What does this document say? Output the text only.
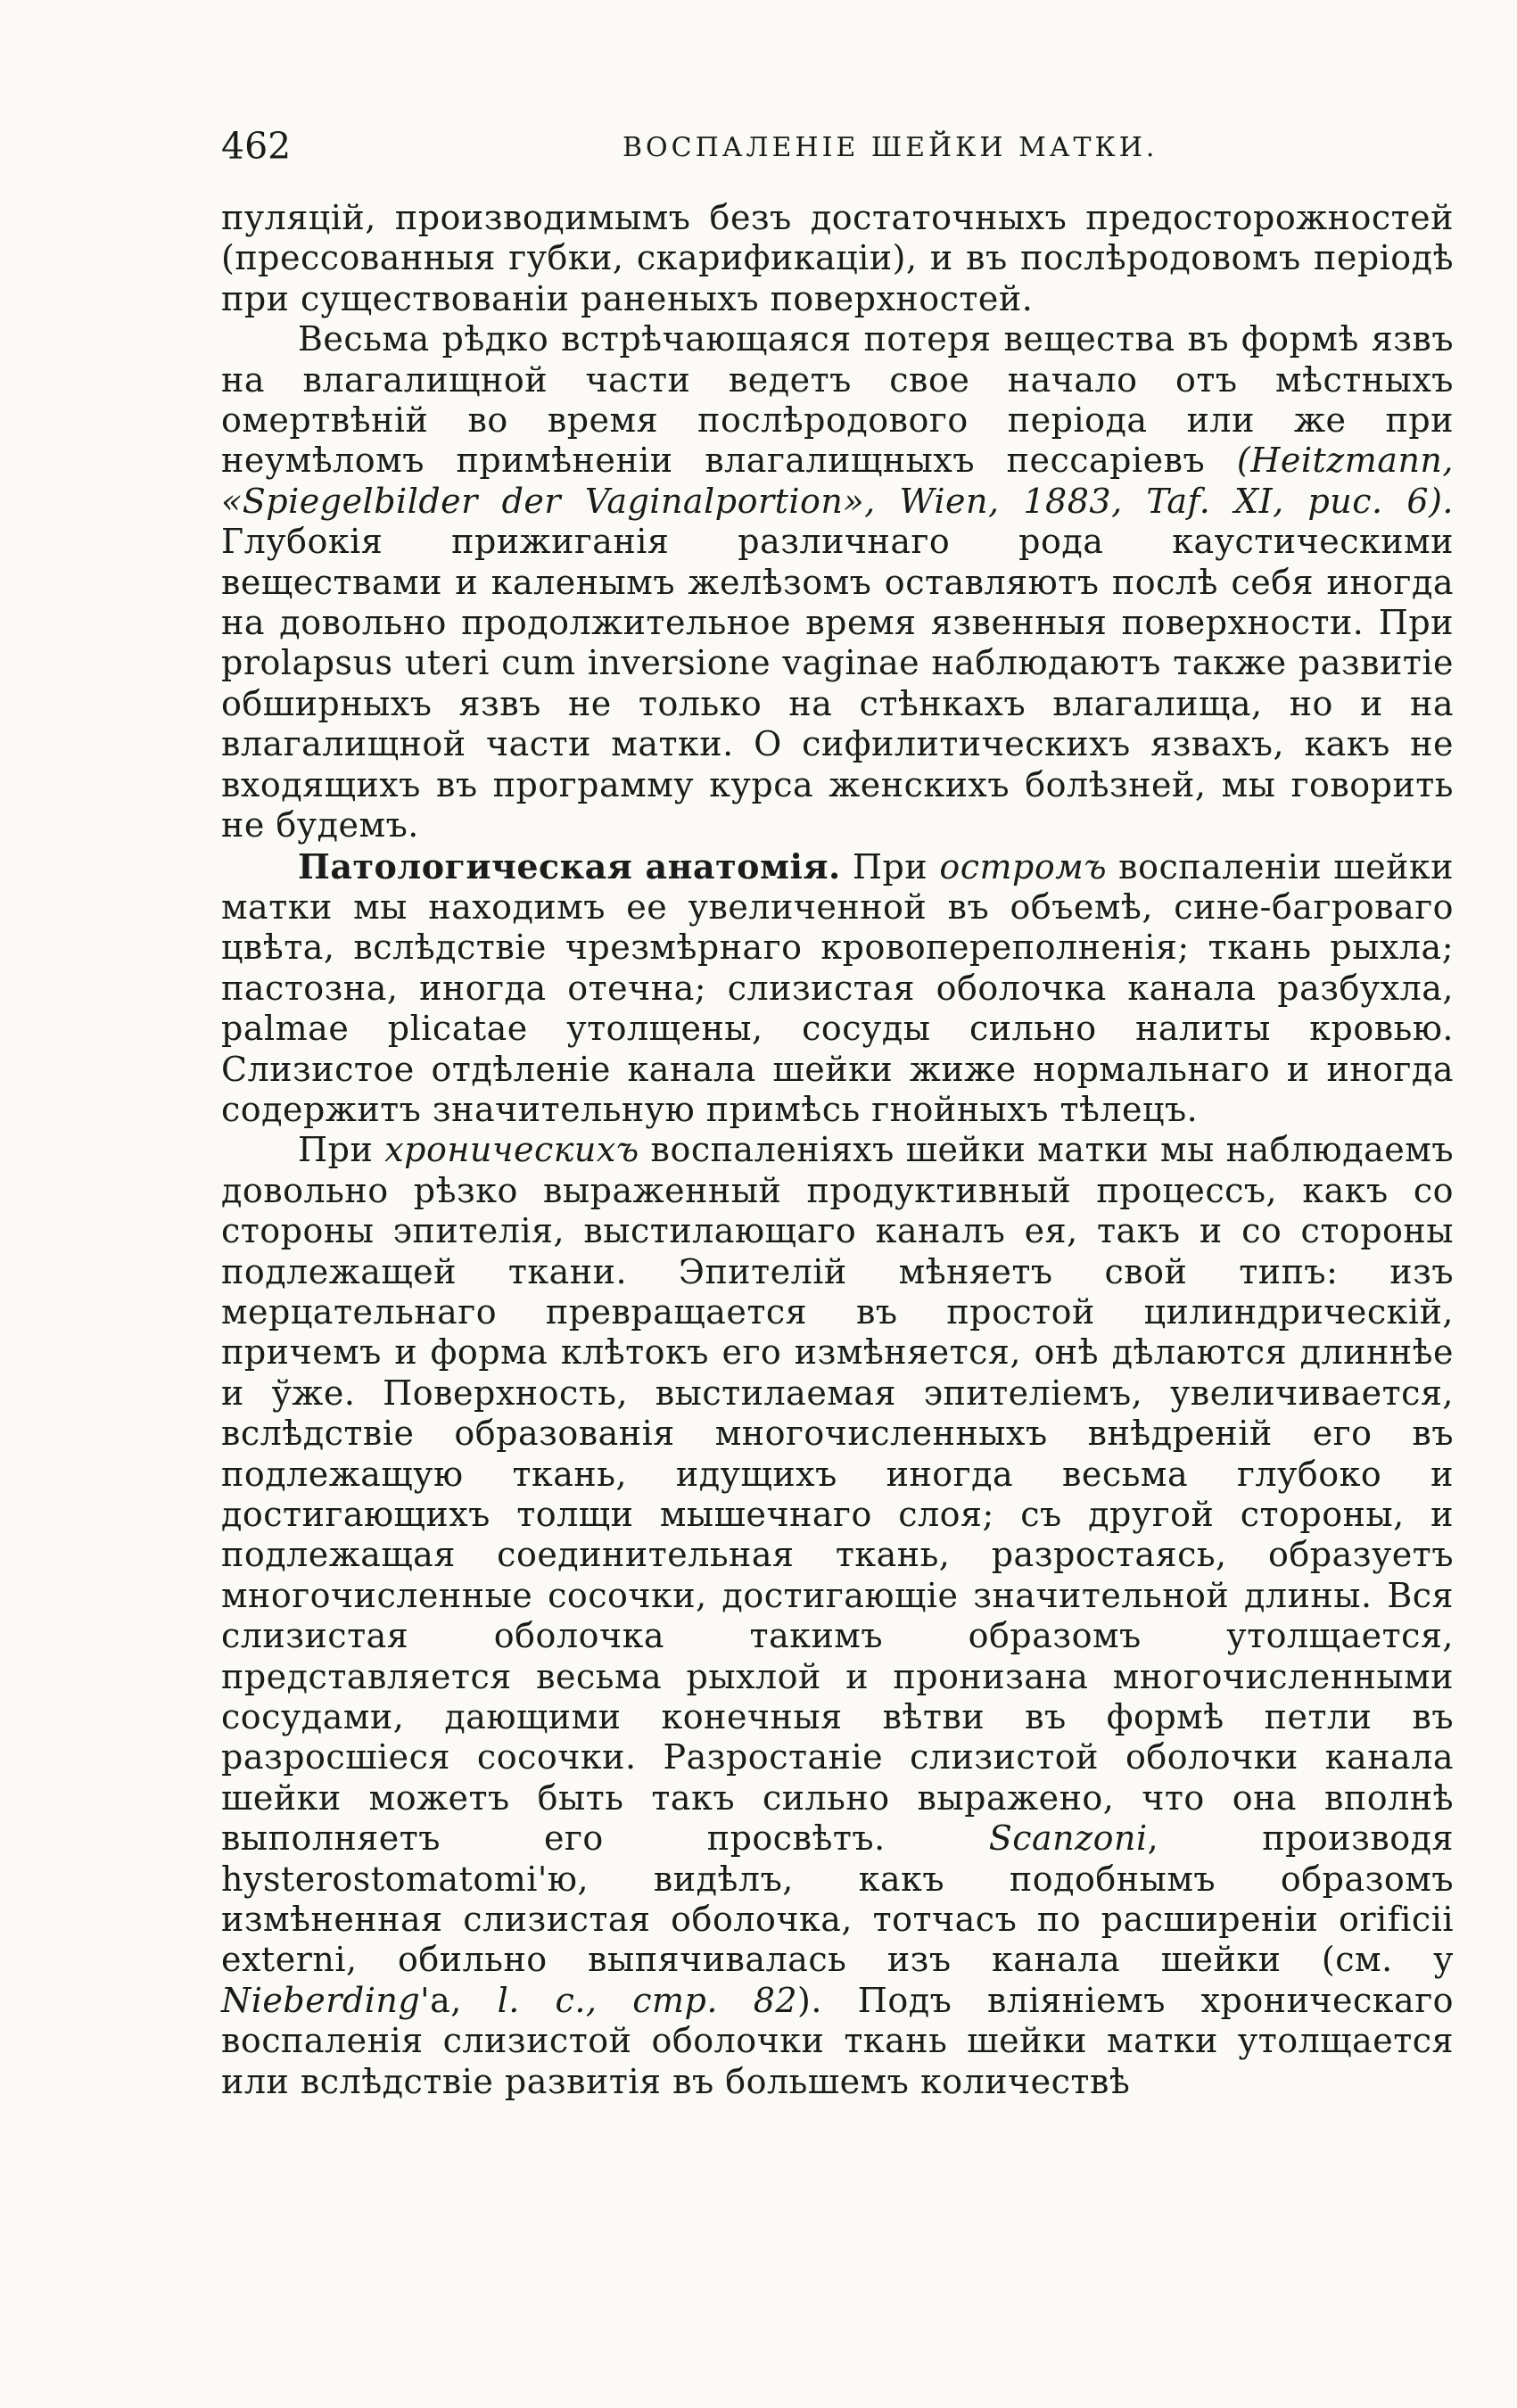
462	ВОСПАЛЕНІЕ ШЕЙКИ МАТКИ.

пуляцій, производимымъ безъ достаточныхъ предосторожностей (прессованныя губки, скарификаціи), и въ послѣродовомъ періодѣ при существованіи раненыхъ поверхностей.

Весьма рѣдко встрѣчающаяся потеря вещества въ формѣ язвъ на влагалищной части ведетъ свое начало отъ мѣстныхъ омертвѣній во время послѣродового періода или же при неумѣломъ примѣненіи влагалищныхъ пессаріевъ (Heitzmann, «Spiegelbilder der Vaginalportion», Wien, 1883, Taf. XI, рис. 6). Глубокія прижиганія различнаго рода каустическими веществами и каленымъ желѣзомъ оставляютъ послѣ себя иногда на довольно продолжительное время язвенныя поверхности. При prolapsus uteri cum inversione vaginae наблюдаютъ также развитіе обширныхъ язвъ не только на стѣнкахъ влагалища, но и на влагалищной части матки. О сифилитическихъ язвахъ, какъ не входящихъ въ программу курса женскихъ болѣзней, мы говорить не будемъ.

Патологическая анатомія. При остромъ воспаленіи шейки матки мы находимъ ее увеличенной въ объемѣ, сине-багроваго цвѣта, вслѣдствіе чрезмѣрнаго кровопереполненія; ткань рыхла; пастозна, иногда отечна; слизистая оболочка канала разбухла, palmae plicatae утолщены, сосуды сильно налиты кровью. Слизистое отдѣленіе канала шейки жиже нормальнаго и иногда содержитъ значительную примѣсь гнойныхъ тѣлецъ.

При хроническихъ воспаленіяхъ шейки матки мы наблюдаемъ довольно рѣзко выраженный продуктивный процессъ, какъ со стороны эпителія, выстилающаго каналъ ея, такъ и со стороны подлежащей ткани. Эпителій мѣняетъ свой типъ: изъ мерцательнаго превращается въ простой цилиндрическій, причемъ и форма клѣтокъ его измѣняется, онѣ дѣлаются длиннѣе и ўже. Поверхность, выстилаемая эпителіемъ, увеличивается, вслѣдствіе образованія многочисленныхъ внѣдреній его въ подлежащую ткань, идущихъ иногда весьма глубоко и достигающихъ толщи мышечнаго слоя; съ другой стороны, и подлежащая соединительная ткань, разростаясь, образуетъ многочисленные сосочки, достигающіе значительной длины. Вся слизистая оболочка такимъ образомъ утолщается, представляется весьма рыхлой и пронизана многочисленными сосудами, дающими конечныя вѣтви въ формѣ петли въ разросшіеся сосочки. Разростаніе слизистой оболочки канала шейки можетъ быть такъ сильно выражено, что она вполнѣ выполняетъ его просвѣтъ. Scanzoni, производя hysterostomatomi'ю, видѣлъ, какъ подобнымъ образомъ измѣненная слизистая оболочка, тотчасъ по расширеніи orificii externi, обильно выпячивалась изъ канала шейки (см. у Nieberding'а, l. c., стр. 82). Подъ вліяніемъ хроническаго воспаленія слизистой оболочки ткань шейки матки утолщается или вслѣдствіе развитія въ большемъ количествѣ
